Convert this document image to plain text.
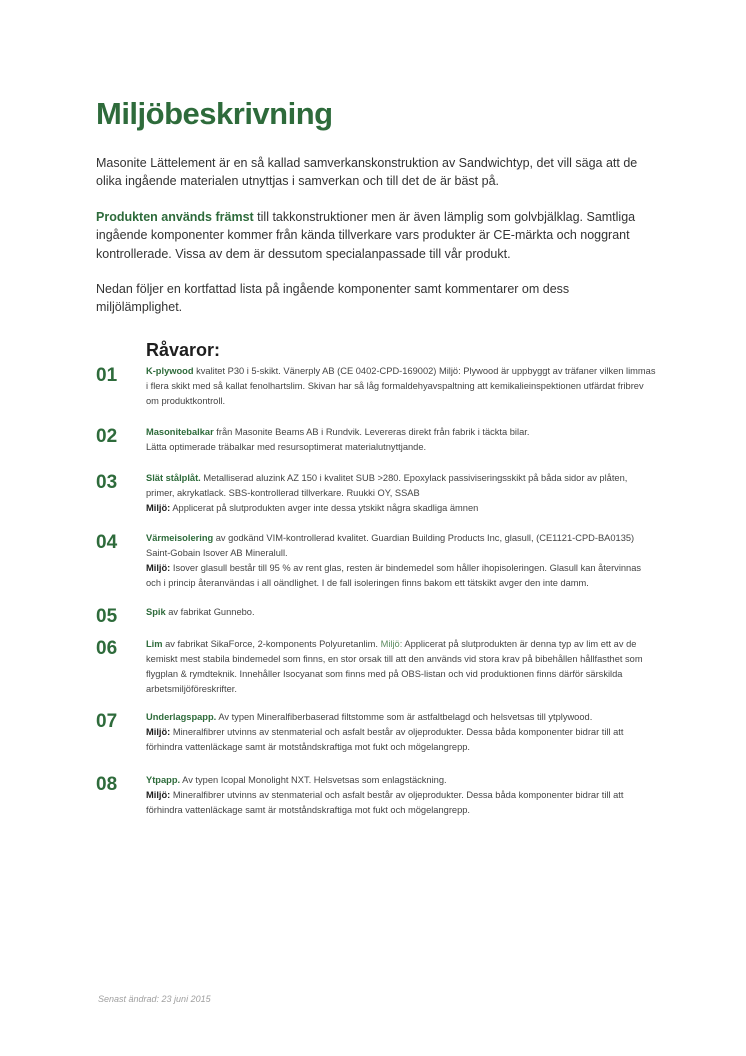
Miljöbeskrivning

Masonite Lättelement är en så kallad samverkanskonstruktion av Sandwichtyp, det vill säga att de olika ingående materialen utnyttjas i samverkan och till det de är bäst på.

Produkten används främst till takkonstruktioner men är även lämplig som golvbjälklag. Samtliga ingående komponenter kommer från kända tillverkare vars produkter är CE-märkta och noggrant kontrollerade. Vissa av dem är dessutom specialanpassade till vår produkt.

Nedan följer en kortfattad lista på ingående komponenter samt kommentarer om dess miljölämplighet.

Råvaror:
01	K-plywood kvalitet P30 i 5-skikt. Vänerply AB (CE 0402-CPD-169002) Miljö: Plywood är uppbyggt av träfaner vilken limmas i flera skikt med så kallat fenolhartslim. Skivan har så låg formaldehyavspaltning att kemikalieinspektionen utfärdat fribrev om produktkontroll.
02	Masonitebalkar från Masonite Beams AB i Rundvik. Levereras direkt från fabrik i täckta bilar.
Lätta optimerade träbalkar med resursoptimerat materialutnyttjande.
03	Slät stålplåt. Metalliserad aluzink AZ 150 i kvalitet SUB >280. Epoxylack passiviseringsskikt på båda sidor av plåten, primer, akrykatlack. SBS-kontrollerad tillverkare. Ruukki OY, SSAB
Miljö: Applicerat på slutprodukten avger inte dessa ytskikt några skadliga ämnen
04	Värmeisolering av godkänd VIM-kontrollerad kvalitet. Guardian Building Products Inc, glasull, (CE1121-CPD-BA0135) Saint-Gobain Isover AB Mineralull.
Miljö: Isover glasull består till 95 % av rent glas, resten är bindemedel som håller ihopisoleringen. Glasull kan återvinnas och i princip återanvändas i all oändlighet. I de fall isoleringen finns bakom ett tätskikt avger den inte damm.
05	Spik av fabrikat Gunnebo.
06	Lim av fabrikat SikaForce, 2-komponents Polyuretanlim. Miljö: Applicerat på slutprodukten är denna typ av lim ett av de kemiskt mest stabila bindemedel som finns, en stor orsak till att den används vid stora krav på bibehållen hållfasthet som flygplan & rymdteknik. Innehåller Isocyanat som finns med på OBS-listan och vid produktionen finns därför särskilda arbetsmiljöföreskrifter.
07	Underlagspapp. Av typen Mineralfiberbaserad filtstomme som är astfaltbelagd och helsvetsas till ytplywood.
Miljö: Mineralfibrer utvinns av stenmaterial och asfalt består av oljeprodukter. Dessa båda komponenter bidrar till att förhindra vattenläckage samt är motståndskraftiga mot fukt och mögelangrepp.
08	Ytpapp. Av typen Icopal Monolight NXT. Helsvetsas som enlagstäckning.
Miljö: Mineralfibrer utvinns av stenmaterial och asfalt består av oljeprodukter. Dessa båda komponenter bidrar till att förhindra vattenläckage samt är motståndskraftiga mot fukt och mögelangrepp.

Senast ändrad: 23 juni 2015
